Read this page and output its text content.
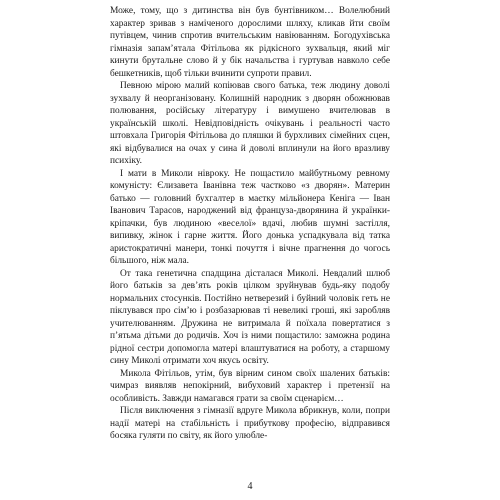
Може, тому, що з дитинства він був бунтівником… Волелюбний характер зривав з наміченого дорослими шляху, кликав йти своїм путівцем, чинив спротив вчительським навіюванням. Богодухівська гімназія запам’ятала Фітільова як рідкісного зухвальця, який міг кинути брутальне слово й у бік начальства і гуртував навколо себе бешкетників, щоб тільки вчинити супроти правил.

Певною мірою малий копіював свого батька, теж людину доволі зухвалу й неорганізовану. Колишній народник з дворян обожнював полювання, російську літературу і вимушено вчителював в українській школі. Невідповідність очікувань і реальності часто штовхала Григорія Фітільова до пляшки й бурхливих сімейних сцен, які відбувалися на очах у сина й доволі вплинули на його вразливу психіку.

І мати в Миколи нівроку. Не пощастило майбутньому ревному комуністу: Єлизавета Іванівна теж частково «з дворян». Материн батько — головний бухгалтер в маєтку мільйонера Кеніга — Іван Іванович Тарасов, народжений від француза-дворянина й українки-кріпачки, був людиною «веселої» вдачі, любив шумні застілля, випивку, жінок і гарне життя. Його донька успадкувала від татка аристократичні манери, тонкі почуття і вічне прагнення до чогось більшого, ніж мала.

От така генетична спадщина дісталася Миколі. Невдалий шлюб його батьків за дев’ять років цілком зруйнував будь-яку подобу нормальних стосунків. Постійно нетверезий і буйний чоловік геть не піклувався про сім’ю і розбазарював ті невеликі гроші, які заробляв учителюванням. Дружина не витримала й поїхала повертатися з п’ятьма дітьми до родичів. Хоч із ними пощастило: заможна родина рідної сестри допомогла матері влаштуватися на роботу, а старшому сину Миколі отримати хоч якусь освіту.

Микола Фітільов, утім, був вірним сином своїх шалених батьків: чимраз виявляв непокірний, вибуховий характер і претензії на особливість. Завжди намагався грати за своїм сценарієм…

Після виключення з гімназії вдруге Микола вбрикнув, коли, попри надії матері на стабільність і прибуткову професію, відправився босяка гуляти по світу, як його улюбле-

4
